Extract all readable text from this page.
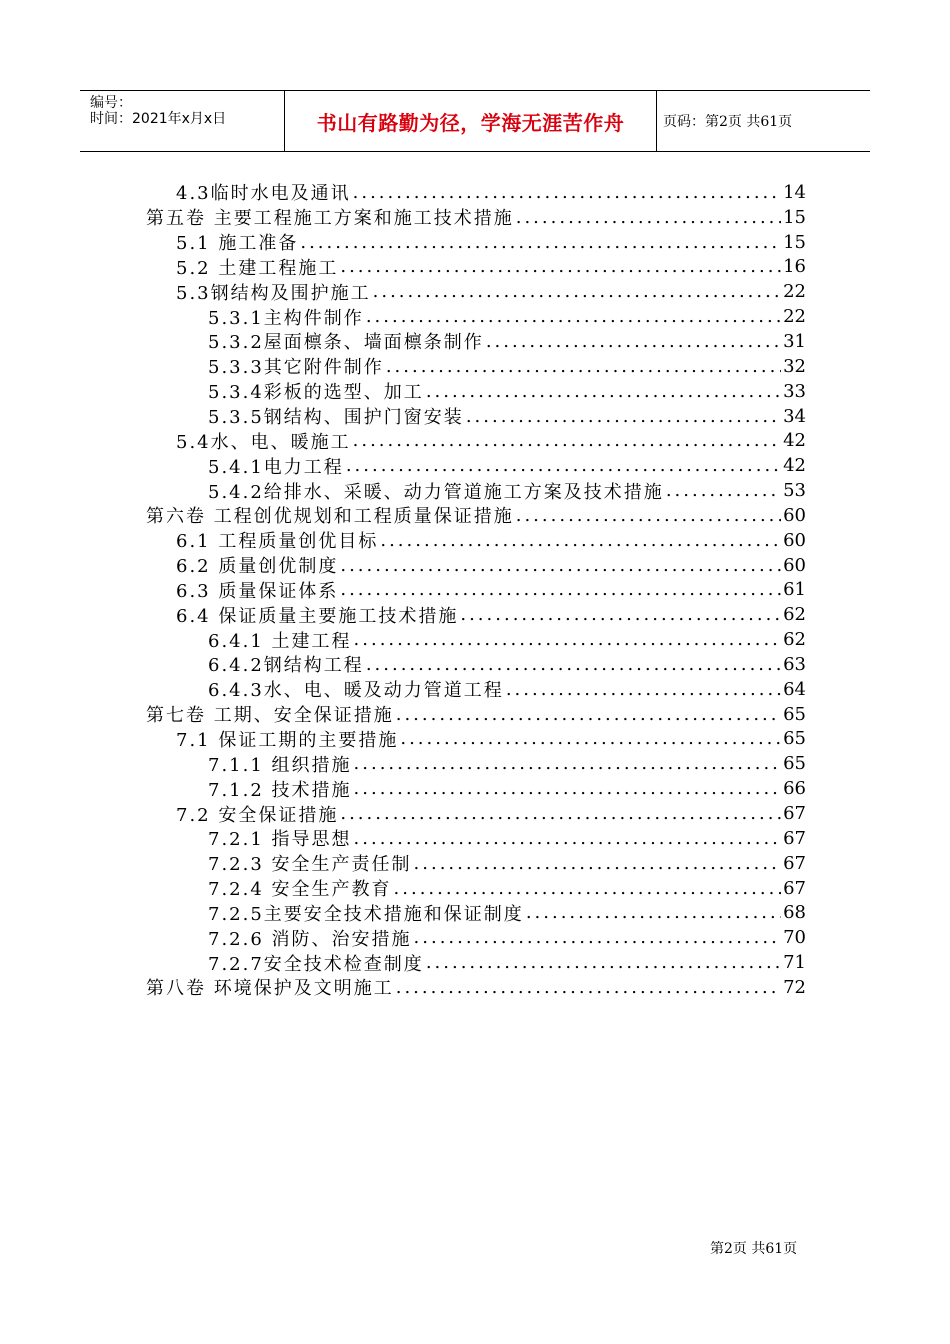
编号：
时间：2021年x月x日	书山有路勤为径，学海无涯苦作舟	页码：第2页 共61页
4.3临时水电及通讯 .....	14
第五卷 主要工程施工方案和施工技术措施 .....	15
5.1 施工准备 .....	15
5.2 土建工程施工 .....	16
5.3钢结构及围护施工 .....	22
5.3.1主构件制作 .....	22
5.3.2屋面檩条、墙面檩条制作 .....	31
5.3.3其它附件制作 .....	32
5.3.4彩板的选型、加工 .....	33
5.3.5钢结构、围护门窗安装 .....	34
5.4水、电、暖施工 .....	42
5.4.1电力工程 .....	42
5.4.2给排水、采暖、动力管道施工方案及技术措施 .....	53
第六卷 工程创优规划和工程质量保证措施 .....	60
6.1 工程质量创优目标 .....	60
6.2 质量创优制度 .....	60
6.3 质量保证体系 .....	61
6.4 保证质量主要施工技术措施 .....	62
6.4.1 土建工程 .....	62
6.4.2钢结构工程 .....	63
6.4.3水、电、暖及动力管道工程 .....	64
第七卷 工期、安全保证措施 .....	65
7.1 保证工期的主要措施 .....	65
7.1.1 组织措施 .....	65
7.1.2 技术措施 .....	66
7.2 安全保证措施 .....	67
7.2.1 指导思想 .....	67
7.2.3 安全生产责任制 .....	67
7.2.4 安全生产教育 .....	67
7.2.5主要安全技术措施和保证制度 .....	68
7.2.6 消防、治安措施 .....	70
7.2.7安全技术检查制度 .....	71
第八卷 环境保护及文明施工 .....	72
第2页 共61页
